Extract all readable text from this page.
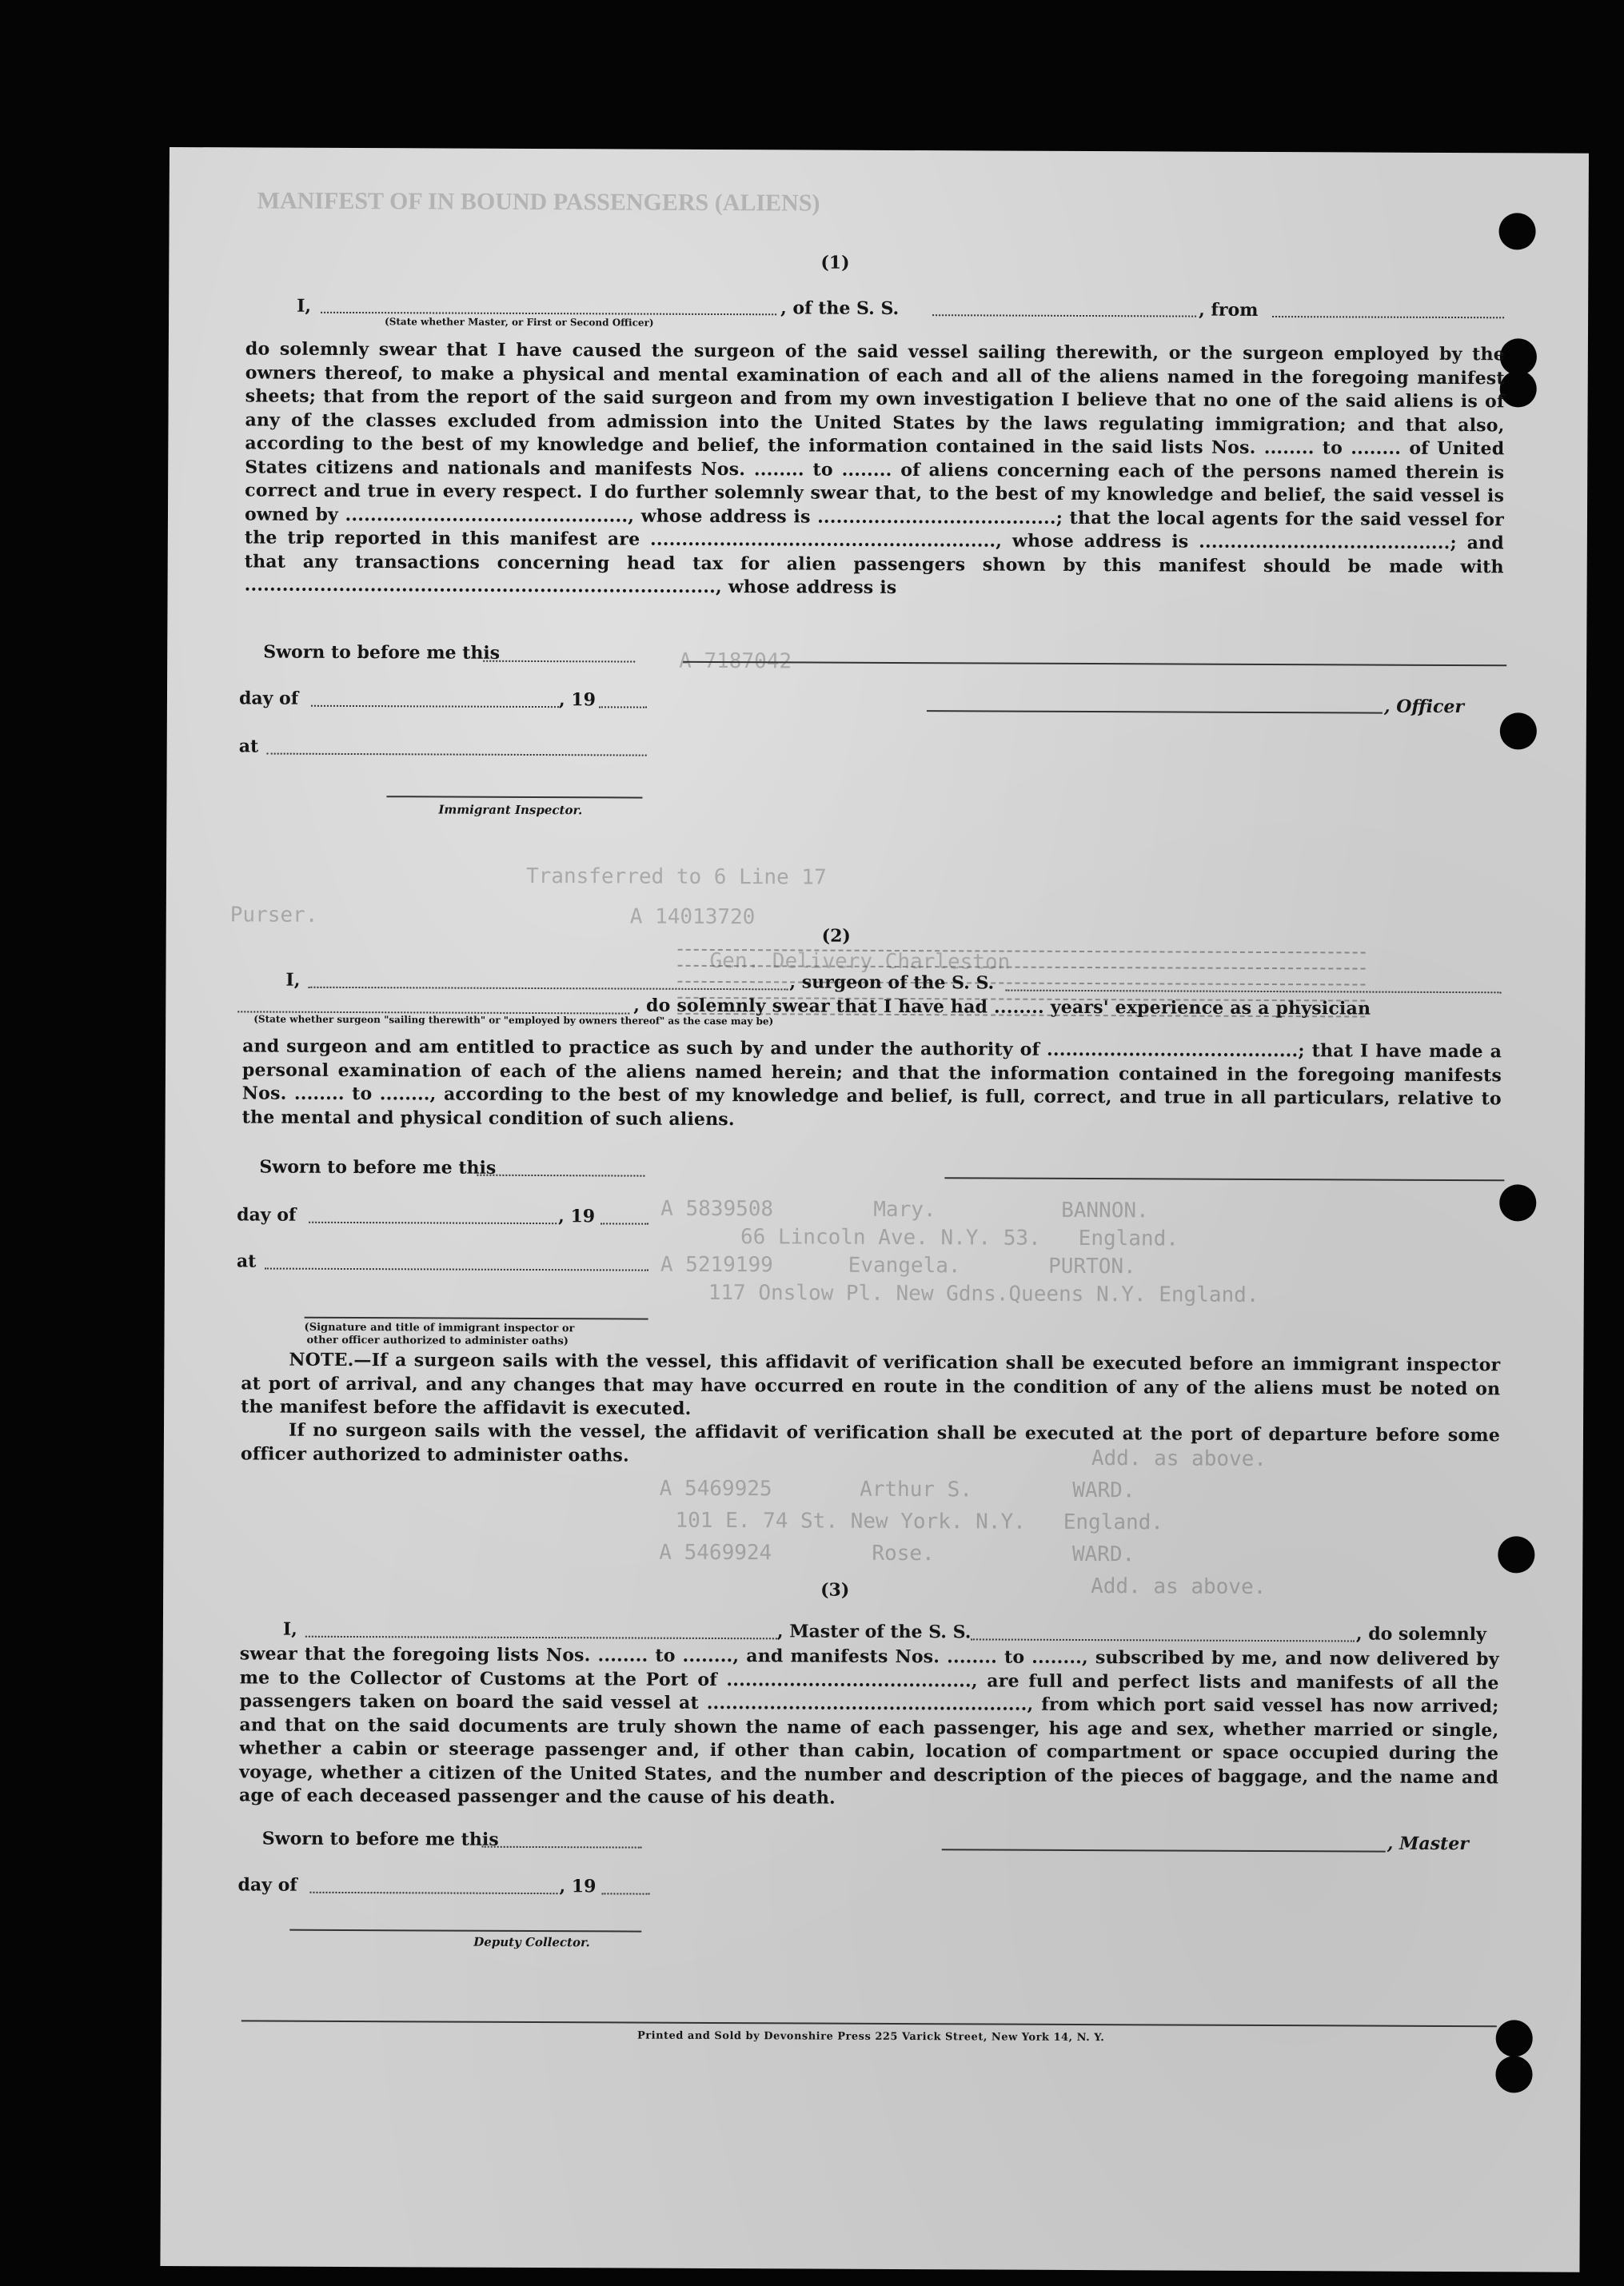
MANIFEST OF IN BOUND PASSENGERS (ALIENS)
A 7187042
Transferred to 6 Line 17
Purser.	A 14013720
Gen. Delivery Charleston
A 5839508        Mary.          BANNON.
66 Lincoln Ave. N.Y. 53.   England.
A 5219199      Evangela.       PURTON.
117 Onslow Pl. New Gdns.Queens N.Y. England.
Add. as above.
A 5469925       Arthur S.        WARD.
101 E. 74 St. New York. N.Y.   England.
A 5469924        Rose.           WARD.
Add. as above.
(1)
I,	, of the S. S.	, from
(State whether Master, or First or Second Officer)
do solemnly swear that I have caused the surgeon of the said vessel sailing therewith, or the surgeon employed by the owners thereof, to make a physical and mental examination of each and all of the aliens named in the foregoing manifest sheets; that from the report of the said surgeon and from my own investigation I believe that no one of the said aliens is of any of the classes excluded from admission into the United States by the laws regulating immigration; and that also, according to the best of my knowledge and belief, the information contained in the said lists Nos. ........ to ........ of United States citizens and nationals and manifests Nos. ........ to ........ of aliens concerning each of the persons named therein is correct and true in every respect. I do further solemnly swear that, to the best of my knowledge and belief, the said vessel is owned by ............................................., whose address is ......................................; that the local agents for the said vessel for the trip reported in this manifest are ......................................................., whose address is ........................................; and that any transactions concerning head tax for alien passengers shown by this manifest should be made with ..........................................................................., whose address is
Sworn to before me this
day of	, 19	, Officer
at
Immigrant Inspector.
(2)
I,	, surgeon of the S. S.
, do solemnly swear that I have had ........ years' experience as a physician
(State whether surgeon "sailing therewith" or "employed by owners thereof" as the case may be)
and surgeon and am entitled to practice as such by and under the authority of ........................................; that I have made a personal examination of each of the aliens named herein; and that the information contained in the foregoing manifests Nos. ........ to ........, according to the best of my knowledge and belief, is full, correct, and true in all particulars, relative to the mental and physical condition of such aliens.
Sworn to before me this
day of	, 19
at
(Signature and title of immigrant inspector or
other officer authorized to administer oaths)
NOTE.—If a surgeon sails with the vessel, this affidavit of verification shall be executed before an immigrant inspector at port of arrival, and any changes that may have occurred en route in the condition of any of the aliens must be noted on the manifest before the affidavit is executed.
If no surgeon sails with the vessel, the affidavit of verification shall be executed at the port of departure before some officer authorized to administer oaths.
(3)
I,	, Master of the S. S.	, do solemnly
swear that the foregoing lists Nos. ........ to ........, and manifests Nos. ........ to ........, subscribed by me, and now delivered by me to the Collector of Customs at the Port of ......................................., are full and perfect lists and manifests of all the passengers taken on board the said vessel at ..................................................., from which port said vessel has now arrived; and that on the said documents are truly shown the name of each passenger, his age and sex, whether married or single, whether a cabin or steerage passenger and, if other than cabin, location of compartment or space occupied during the voyage, whether a citizen of the United States, and the number and description of the pieces of baggage, and the name and age of each deceased passenger and the cause of his death.
Sworn to before me this	, Master
day of	, 19
Deputy Collector.
Printed and Sold by Devonshire Press 225 Varick Street, New York 14, N. Y.
